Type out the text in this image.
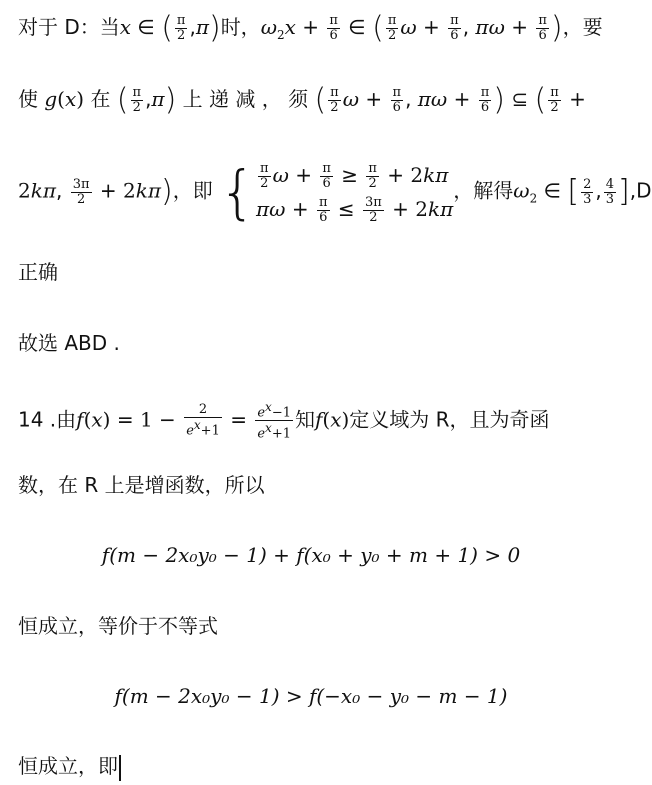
对于 D：当x ∈ ( $\frac{\pi}{2} ,\pi$)时，$\omega_2x + \frac{\pi}{6}$ ∈ ( $\frac{\pi}{2}$ $\omega + \frac{\pi}{6}$ , $\pi\omega + \frac{\pi}{6}$ )，要
使 g(x) 在 ( $\frac{\pi}{2} ,\pi$) 上 递 减 ， 须 ( $\frac{\pi}{2}$ $\omega + \frac{\pi}{6}$ , $\pi\omega + \frac{\pi}{6}$ ) ⊆ ( $\frac{\pi}{2}$ +
2kπ, $\frac{3\pi}{2} + 2k\pi$)，即 { $\frac{\pi}{2}$ $\omega + \frac{\pi}{6} \ge \frac{\pi}{2} + 2k\pi$
$\pi\omega + \frac{\pi}{6} \le \frac{3\pi}{2} + 2k\pi$
，解得$\omega_2$ ∈ [ $\frac{2}{3}$ , $\frac{4}{3} ],D$
正确
故选 ABD .
14 .由$f(x) = 1 - \frac{2}{e^x+1} = \frac{e^x-1}{e^x+1}$ 知f(x)定义域为 R，且为奇函
数，在 R 上是增函数，所以
f(m − 2x₀y₀ − 1) + f(x₀ + y₀ + m + 1) > 0
恒成立，等价于不等式
f(m − 2x₀y₀ − 1) > f(−x₀ − y₀ − m − 1)
恒成立，即
